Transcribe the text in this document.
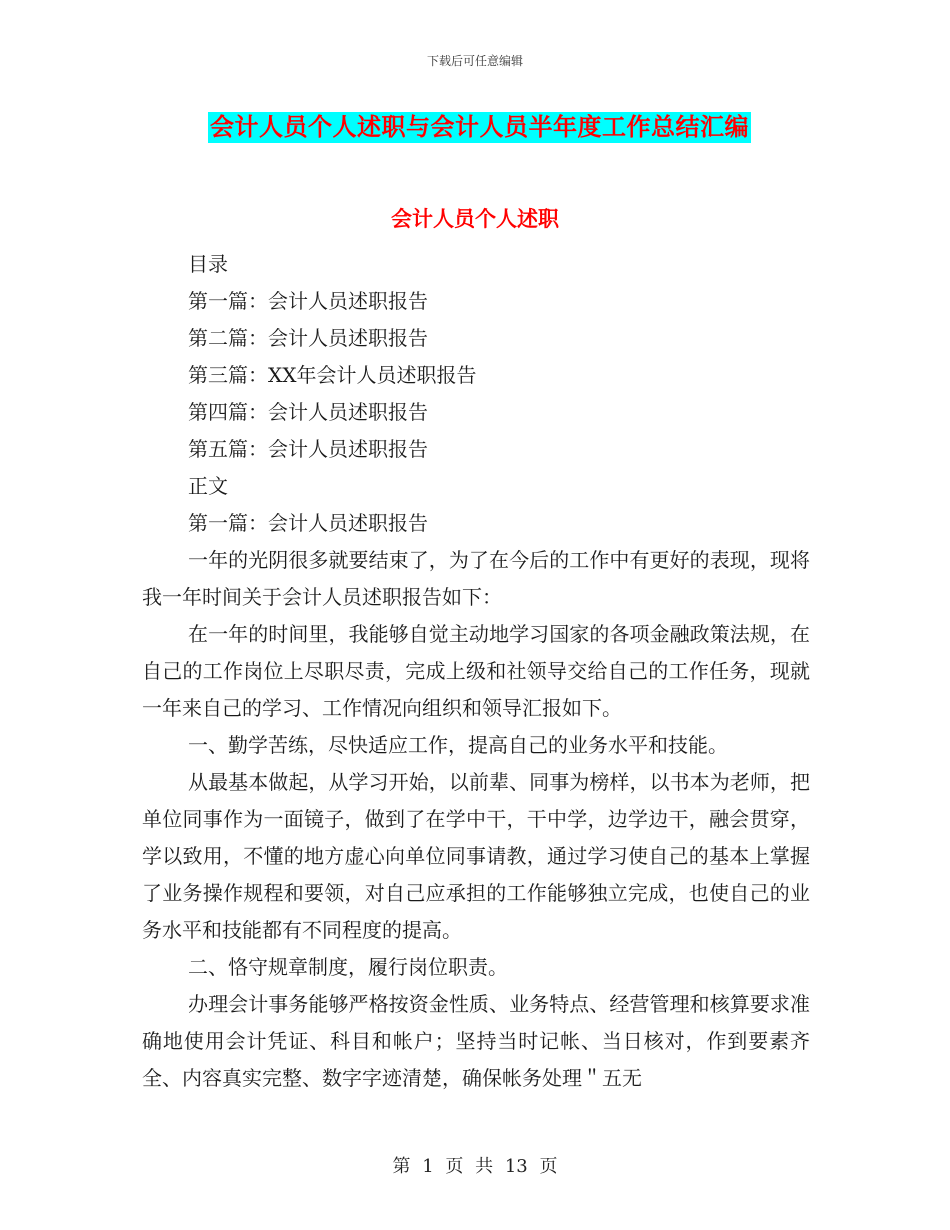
下载后可任意编辑
会计人员个人述职与会计人员半年度工作总结汇编
会计人员个人述职
目录
第一篇：会计人员述职报告
第二篇：会计人员述职报告
第三篇：XX年会计人员述职报告
第四篇：会计人员述职报告
第五篇：会计人员述职报告
正文
第一篇：会计人员述职报告

一年的光阴很多就要结束了，为了在今后的工作中有更好的表现，现将我一年时间关于会计人员述职报告如下：

在一年的时间里，我能够自觉主动地学习国家的各项金融政策法规，在自己的工作岗位上尽职尽责，完成上级和社领导交给自己的工作任务，现就一年来自己的学习、工作情况向组织和领导汇报如下。

一、勤学苦练，尽快适应工作，提高自己的业务水平和技能。

从最基本做起，从学习开始，以前辈、同事为榜样，以书本为老师，把单位同事作为一面镜子，做到了在学中干，干中学，边学边干，融会贯穿，学以致用，不懂的地方虚心向单位同事请教，通过学习使自己的基本上掌握了业务操作规程和要领，对自己应承担的工作能够独立完成，也使自己的业务水平和技能都有不同程度的提高。

二、恪守规章制度，履行岗位职责。

办理会计事务能够严格按资金性质、业务特点、经营管理和核算要求准确地使用会计凭证、科目和帐户；坚持当时记帐、当日核对，作到要素齐全、内容真实完整、数字字迹清楚，确保帐务处理＂五无

第 1 页 共 13 页
